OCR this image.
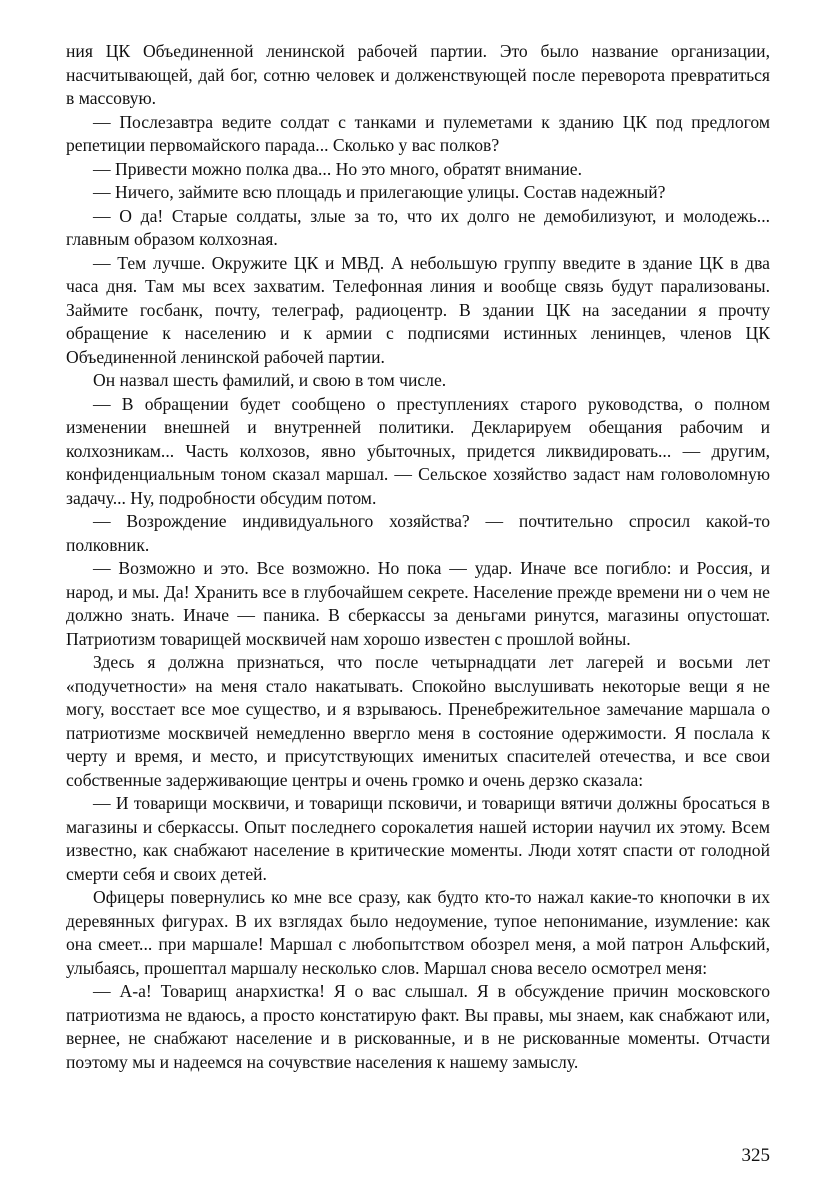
ния ЦК Объединенной ленинской рабочей партии. Это было название организации, насчитывающей, дай бог, сотню человек и долженствующей после переворота превратиться в массовую.

— Послезавтра ведите солдат с танками и пулеметами к зданию ЦК под предлогом репетиции первомайского парада... Сколько у вас полков?

— Привести можно полка два... Но это много, обратят внимание.

— Ничего, займите всю площадь и прилегающие улицы. Состав надежный?

— О да! Старые солдаты, злые за то, что их долго не демобилизуют, и молодежь... главным образом колхозная.

— Тем лучше. Окружите ЦК и МВД. А небольшую группу введите в здание ЦК в два часа дня. Там мы всех захватим. Телефонная линия и вообще связь будут парализованы. Займите госбанк, почту, телеграф, радиоцентр. В здании ЦК на заседании я прочту обращение к населению и к армии с подписями истинных ленинцев, членов ЦК Объединенной ленинской рабочей партии.

Он назвал шесть фамилий, и свою в том числе.

— В обращении будет сообщено о преступлениях старого руководства, о полном изменении внешней и внутренней политики. Декларируем обещания рабочим и колхозникам... Часть колхозов, явно убыточных, придется ликвидировать... — другим, конфиденциальным тоном сказал маршал. — Сельское хозяйство задаст нам головоломную задачу... Ну, подробности обсудим потом.

— Возрождение индивидуального хозяйства? — почтительно спросил какой-то полковник.

— Возможно и это. Все возможно. Но пока — удар. Иначе все погибло: и Россия, и народ, и мы. Да! Хранить все в глубочайшем секрете. Население прежде времени ни о чем не должно знать. Иначе — паника. В сберкассы за деньгами ринутся, магазины опустошат. Патриотизм товарищей москвичей нам хорошо известен с прошлой войны.

Здесь я должна признаться, что после четырнадцати лет лагерей и восьми лет «подучетности» на меня стало накатывать. Спокойно выслушивать некоторые вещи я не могу, восстает все мое существо, и я взрываюсь. Пренебрежительное замечание маршала о патриотизме москвичей немедленно ввергло меня в состояние одержимости. Я послала к черту и время, и место, и присутствующих именитых спасителей отечества, и все свои собственные задерживающие центры и очень громко и очень дерзко сказала:

— И товарищи москвичи, и товарищи псковичи, и товарищи вятичи должны бросаться в магазины и сберкассы. Опыт последнего сорокалетия нашей истории научил их этому. Всем известно, как снабжают население в критические моменты. Люди хотят спасти от голодной смерти себя и своих детей.

Офицеры повернулись ко мне все сразу, как будто кто-то нажал какие-то кнопочки в их деревянных фигурах. В их взглядах было недоумение, тупое непонимание, изумление: как она смеет... при маршале! Маршал с любопытством обозрел меня, а мой патрон Альфский, улыбаясь, прошептал маршалу несколько слов. Маршал снова весело осмотрел меня:

— А-а! Товарищ анархистка! Я о вас слышал. Я в обсуждение причин московского патриотизма не вдаюсь, а просто констатирую факт. Вы правы, мы знаем, как снабжают или, вернее, не снабжают население и в рискованные, и в не рискованные моменты. Отчасти поэтому мы и надеемся на сочувствие населения к нашему замыслу.

325
